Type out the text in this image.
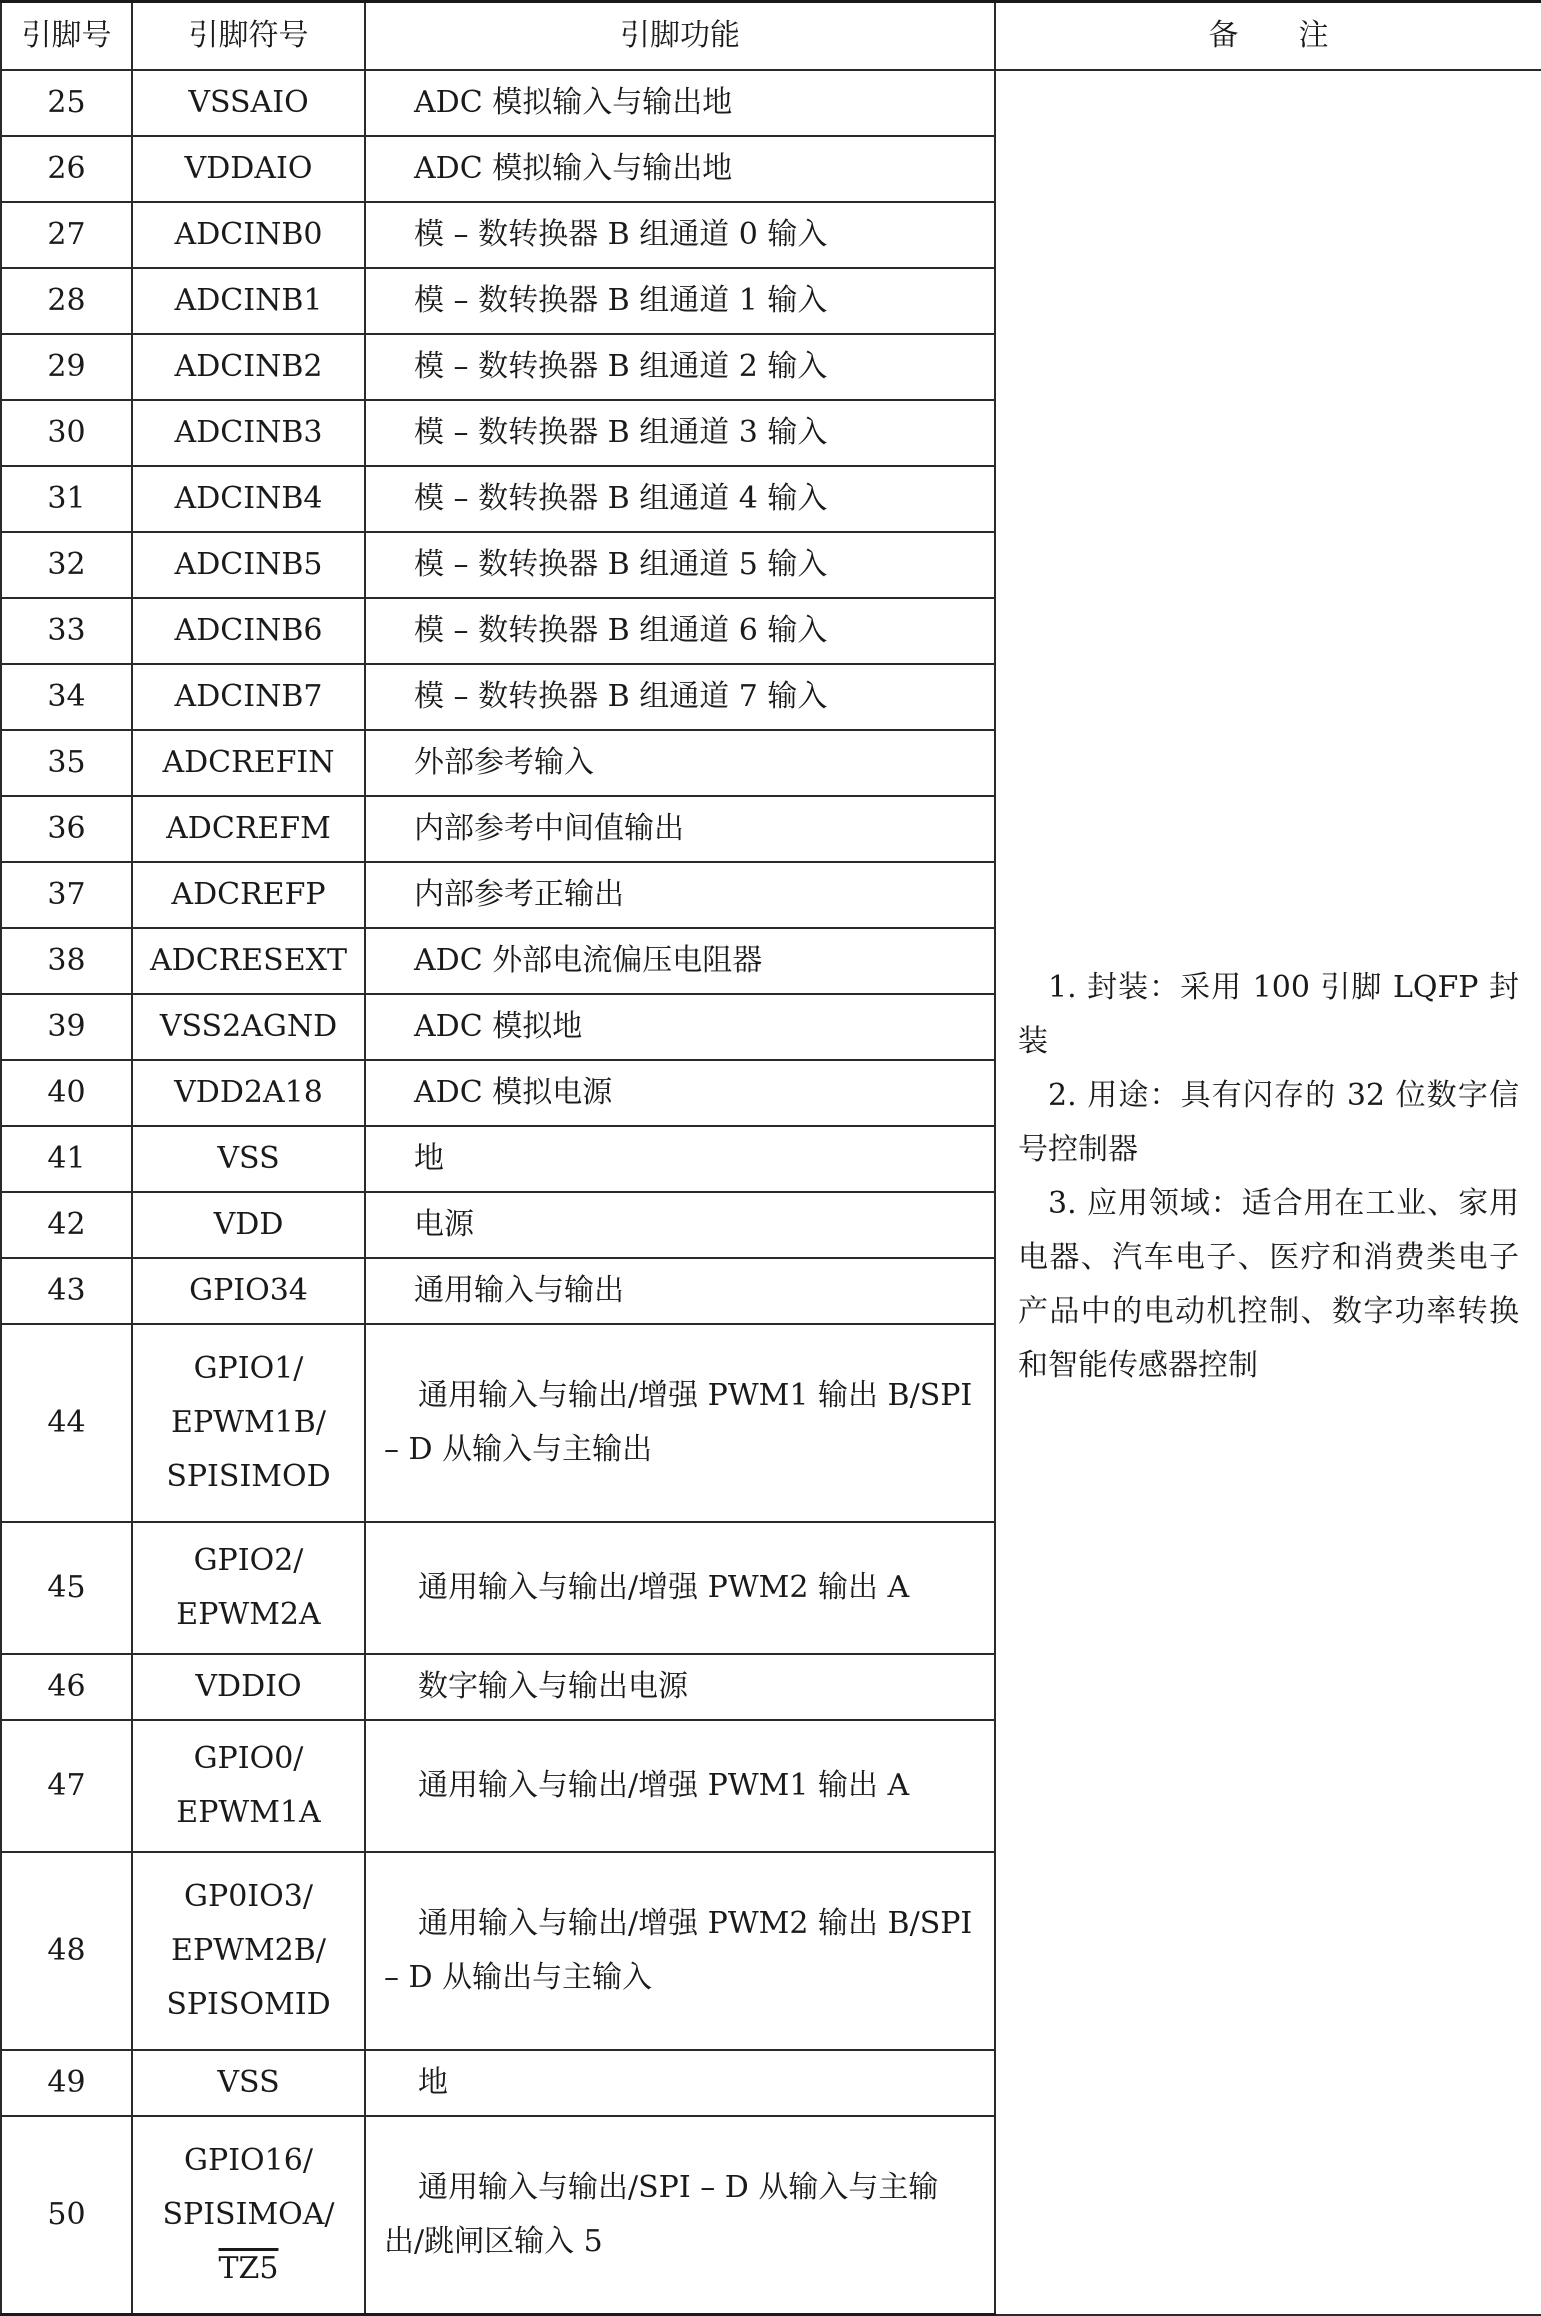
引脚号	引脚符号	引脚功能	备　　注
25	VSSAIO	ADC 模拟输入与输出地	1. 封装：采用 100 引脚 LQFP 封装
2. 用途：具有闪存的 32 位数字信号控制器
3. 应用领域：适合用在工业、家用电器、汽车电子、医疗和消费类电子产品中的电动机控制、数字功率转换和智能传感器控制

26	VDDAIO	ADC 模拟输入与输出地	
27	ADCINB0	模 – 数转换器 B 组通道 0 输入	
28	ADCINB1	模 – 数转换器 B 组通道 1 输入	
29	ADCINB2	模 – 数转换器 B 组通道 2 输入	
30	ADCINB3	模 – 数转换器 B 组通道 3 输入	
31	ADCINB4	模 – 数转换器 B 组通道 4 输入	
32	ADCINB5	模 – 数转换器 B 组通道 5 输入	
33	ADCINB6	模 – 数转换器 B 组通道 6 输入	
34	ADCINB7	模 – 数转换器 B 组通道 7 输入	
35	ADCREFIN	外部参考输入	
36	ADCREFM	内部参考中间值输出	
37	ADCREFP	内部参考正输出	
38	ADCRESEXT	ADC 外部电流偏压电阻器	
39	VSS2AGND	ADC 模拟地	
40	VDD2A18	ADC 模拟电源	
41	VSS	地	
42	VDD	电源	
43	GPIO34	通用输入与输出	
44	GPIO1/
EPWM1B/
SPISIMOD	通用输入与输出/增强 PWM1 输出 B/SPI – D 从输入与主输出	
45	GPIO2/
EPWM2A	通用输入与输出/增强 PWM2 输出 A	
46	VDDIO	数字输入与输出电源	
47	GPIO0/
EPWM1A	通用输入与输出/增强 PWM1 输出 A	
48	GP0IO3/
EPWM2B/
SPISOMID	通用输入与输出/增强 PWM2 输出 B/SPI – D 从输出与主输入	
49	VSS	地	
50	GPIO16/
SPISIMOA/
TZ5	通用输入与输出/SPI – D 从输入与主输出/跳闸区输入 5	
